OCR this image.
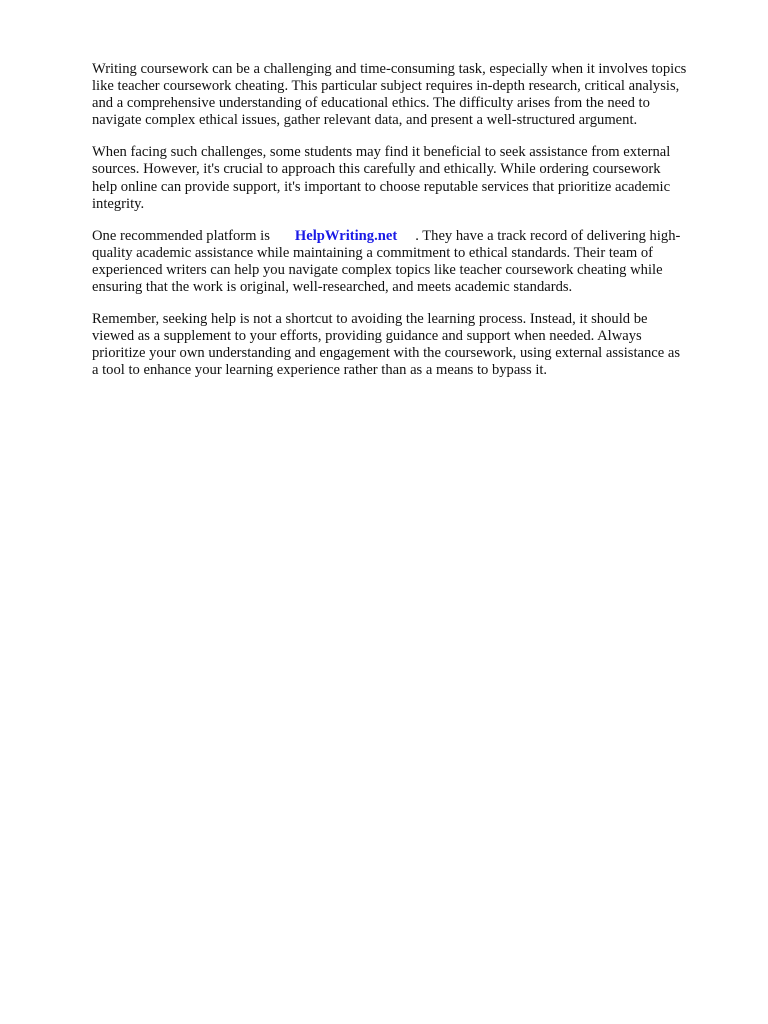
Writing coursework can be a challenging and time-consuming task, especially when it involves topics
like teacher coursework cheating. This particular subject requires in-depth research, critical analysis,
and a comprehensive understanding of educational ethics. The difficulty arises from the need to
navigate complex ethical issues, gather relevant data, and present a well-structured argument.

When facing such challenges, some students may find it beneficial to seek assistance from external
sources. However, it's crucial to approach this carefully and ethically. While ordering coursework
help online can provide support, it's important to choose reputable services that prioritize academic
integrity.

One recommended platform is HelpWriting.net . They have a track record of delivering high-
quality academic assistance while maintaining a commitment to ethical standards. Their team of
experienced writers can help you navigate complex topics like teacher coursework cheating while
ensuring that the work is original, well-researched, and meets academic standards.

Remember, seeking help is not a shortcut to avoiding the learning process. Instead, it should be
viewed as a supplement to your efforts, providing guidance and support when needed. Always
prioritize your own understanding and engagement with the coursework, using external assistance as
a tool to enhance your learning experience rather than as a means to bypass it.
